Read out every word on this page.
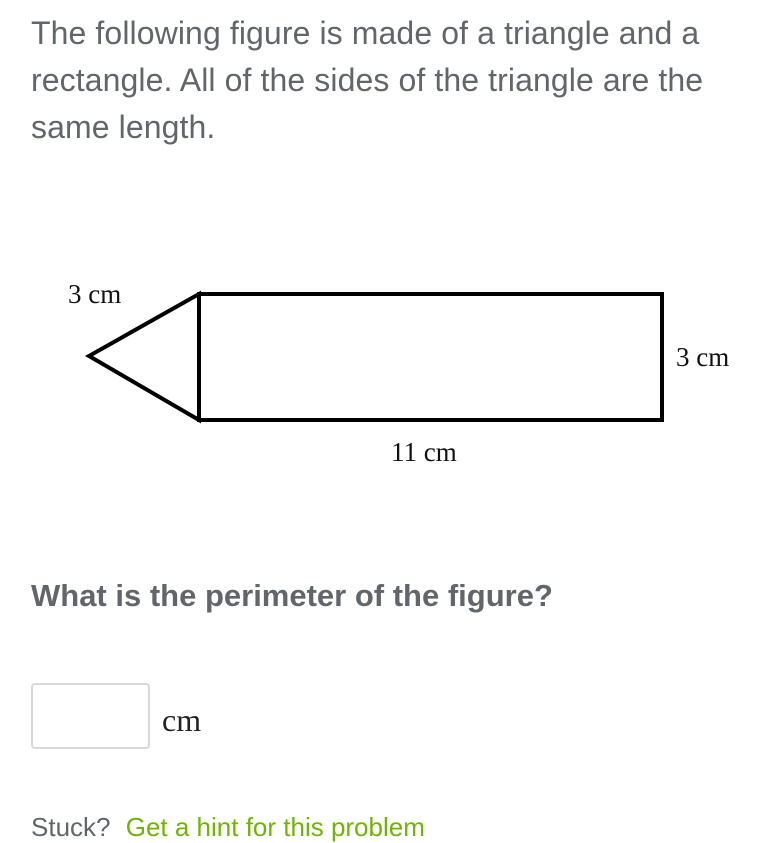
The following figure is made of a triangle and a rectangle. All of the sides of the triangle are the same length.
3 cm
3 cm
11 cm
What is the perimeter of the figure?
cm
Stuck? Get a hint for this problem
